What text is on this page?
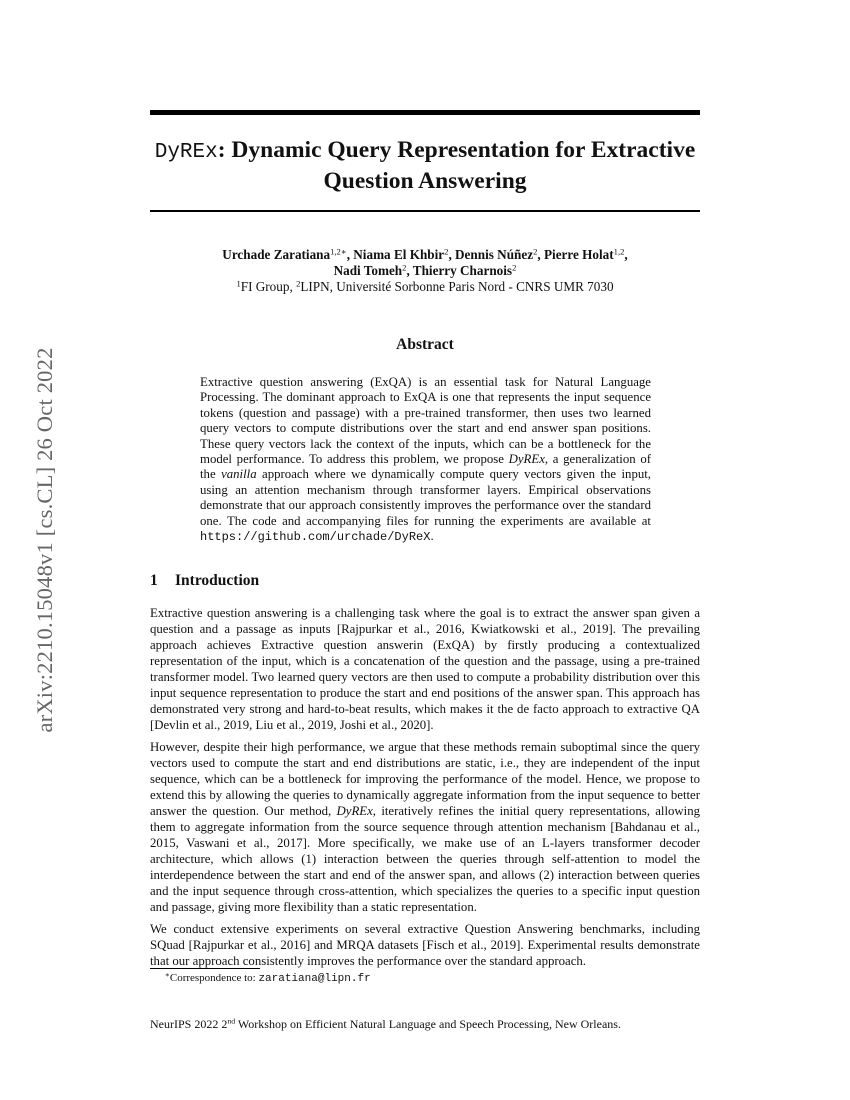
arXiv:2210.15048v1 [cs.CL] 26 Oct 2022
DyREx: Dynamic Query Representation for Extractive
Question Answering
Urchade Zaratiana$^{1,2∗}$, Niama El Khbir$^2$, Dennis Núñez$^2$, Pierre Holat$^{1,2}$,
Nadi Tomeh$^2$, Thierry Charnois$^2$
$^1$FI Group, $^2$LIPN, Université Sorbonne Paris Nord - CNRS UMR 7030
Abstract

Extractive question answering (ExQA) is an essential task for Natural Language Processing. The dominant approach to ExQA is one that represents the input sequence tokens (question and passage) with a pre-trained transformer, then uses two learned query vectors to compute distributions over the start and end answer span positions. These query vectors lack the context of the inputs, which can be a bottleneck for the model performance. To address this problem, we propose DyREx, a generalization of the vanilla approach where we dynamically compute query vectors given the input, using an attention mechanism through transformer layers. Empirical observations demonstrate that our approach consistently improves the performance over the standard one. The code and accompanying files for running the experiments are available at https://github.com/urchade/DyReX.

1 Introduction

Extractive question answering is a challenging task where the goal is to extract the answer span given a question and a passage as inputs [Rajpurkar et al., 2016, Kwiatkowski et al., 2019]. The prevailing approach achieves Extractive question answerin (ExQA) by firstly producing a contextualized representation of the input, which is a concatenation of the question and the passage, using a pre-trained transformer model. Two learned query vectors are then used to compute a probability distribution over this input sequence representation to produce the start and end positions of the answer span. This approach has demonstrated very strong and hard-to-beat results, which makes it the de facto approach to extractive QA [Devlin et al., 2019, Liu et al., 2019, Joshi et al., 2020].

However, despite their high performance, we argue that these methods remain suboptimal since the query vectors used to compute the start and end distributions are static, i.e., they are independent of the input sequence, which can be a bottleneck for improving the performance of the model. Hence, we propose to extend this by allowing the queries to dynamically aggregate information from the input sequence to better answer the question. Our method, DyREx, iteratively refines the initial query representations, allowing them to aggregate information from the source sequence through attention mechanism [Bahdanau et al., 2015, Vaswani et al., 2017]. More specifically, we make use of an L-layers transformer decoder architecture, which allows (1) interaction between the queries through self-attention to model the interdependence between the start and end of the answer span, and allows (2) interaction between queries and the input sequence through cross-attention, which specializes the queries to a specific input question and passage, giving more flexibility than a static representation.

We conduct extensive experiments on several extractive Question Answering benchmarks, including SQuad [Rajpurkar et al., 2016] and MRQA datasets [Fisch et al., 2019]. Experimental results demonstrate that our approach consistently improves the performance over the standard approach.

∗Correspondence to: zaratiana@lipn.fr
NeurIPS 2022 2nd Workshop on Efficient Natural Language and Speech Processing, New Orleans.
